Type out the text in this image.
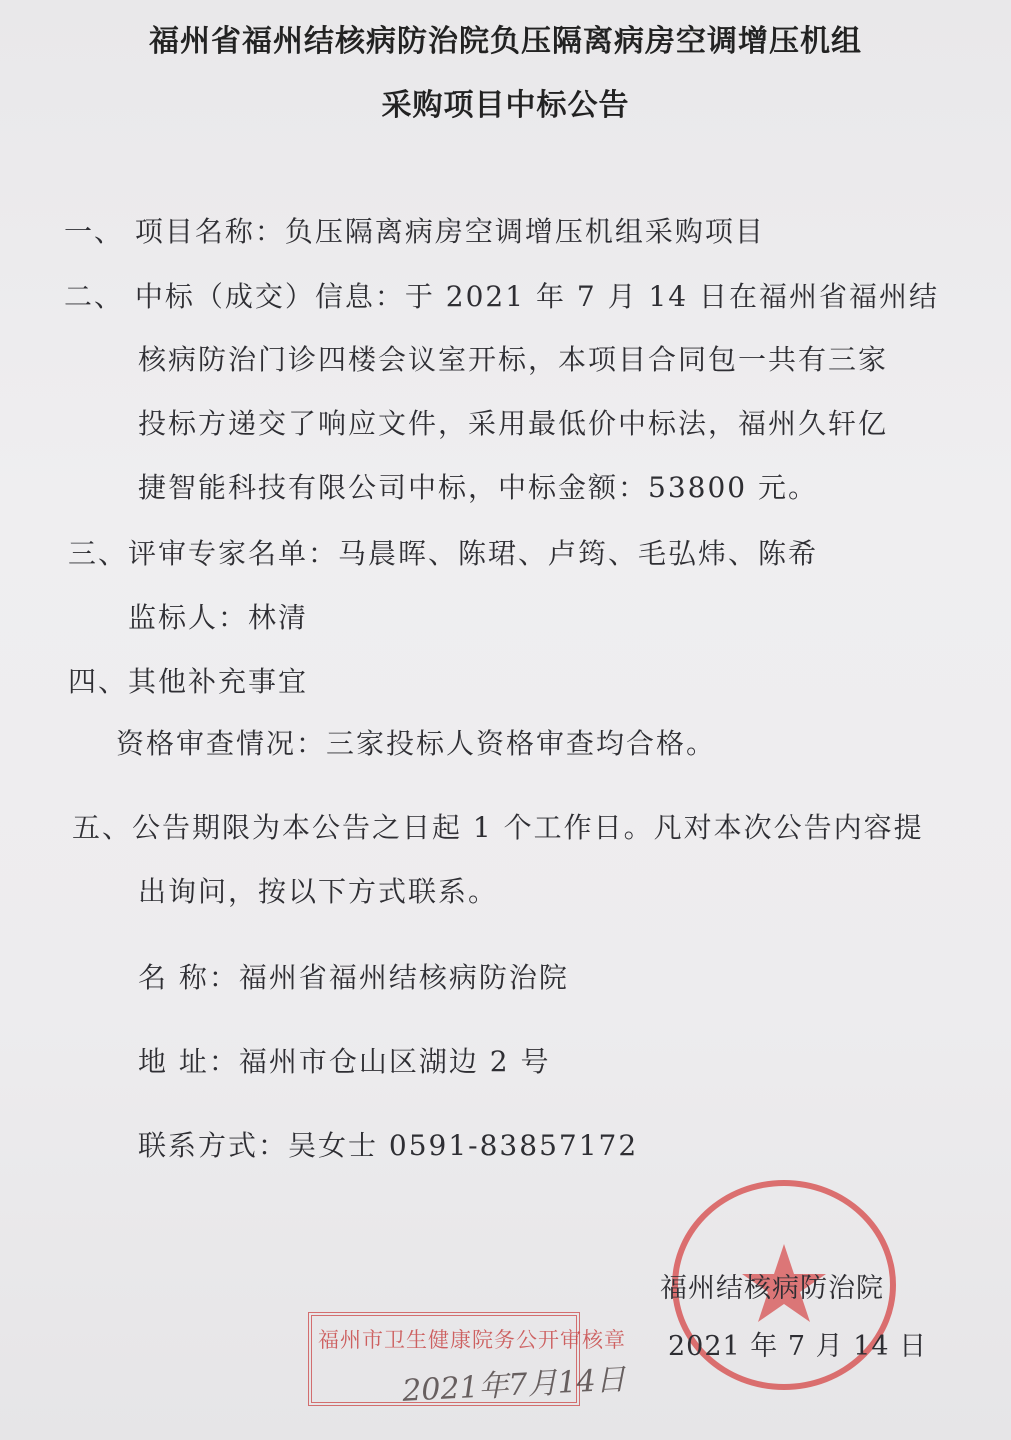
福州省福州结核病防治院负压隔离病房空调增压机组
采购项目中标公告
一、 项目名称：负压隔离病房空调增压机组采购项目
二、 中标（成交）信息：于 2021 年 7 月 14 日在福州省福州结
核病防治门诊四楼会议室开标，本项目合同包一共有三家
投标方递交了响应文件，采用最低价中标法，福州久轩亿
捷智能科技有限公司中标，中标金额：53800 元。
三、评审专家名单：马晨晖、陈珺、卢筠、毛弘炜、陈希
监标人：林清
四、其他补充事宜
资格审查情况：三家投标人资格审查均合格。
五、公告期限为本公告之日起 1 个工作日。凡对本次公告内容提
出询问，按以下方式联系。
名 称：福州省福州结核病防治院
地 址：福州市仓山区湖边 2 号
联系方式：吴女士 0591-83857172
福州结核病防治院
2021 年 7 月 14 日
福州市卫生健康院务公开审核章
2021年7月14日
